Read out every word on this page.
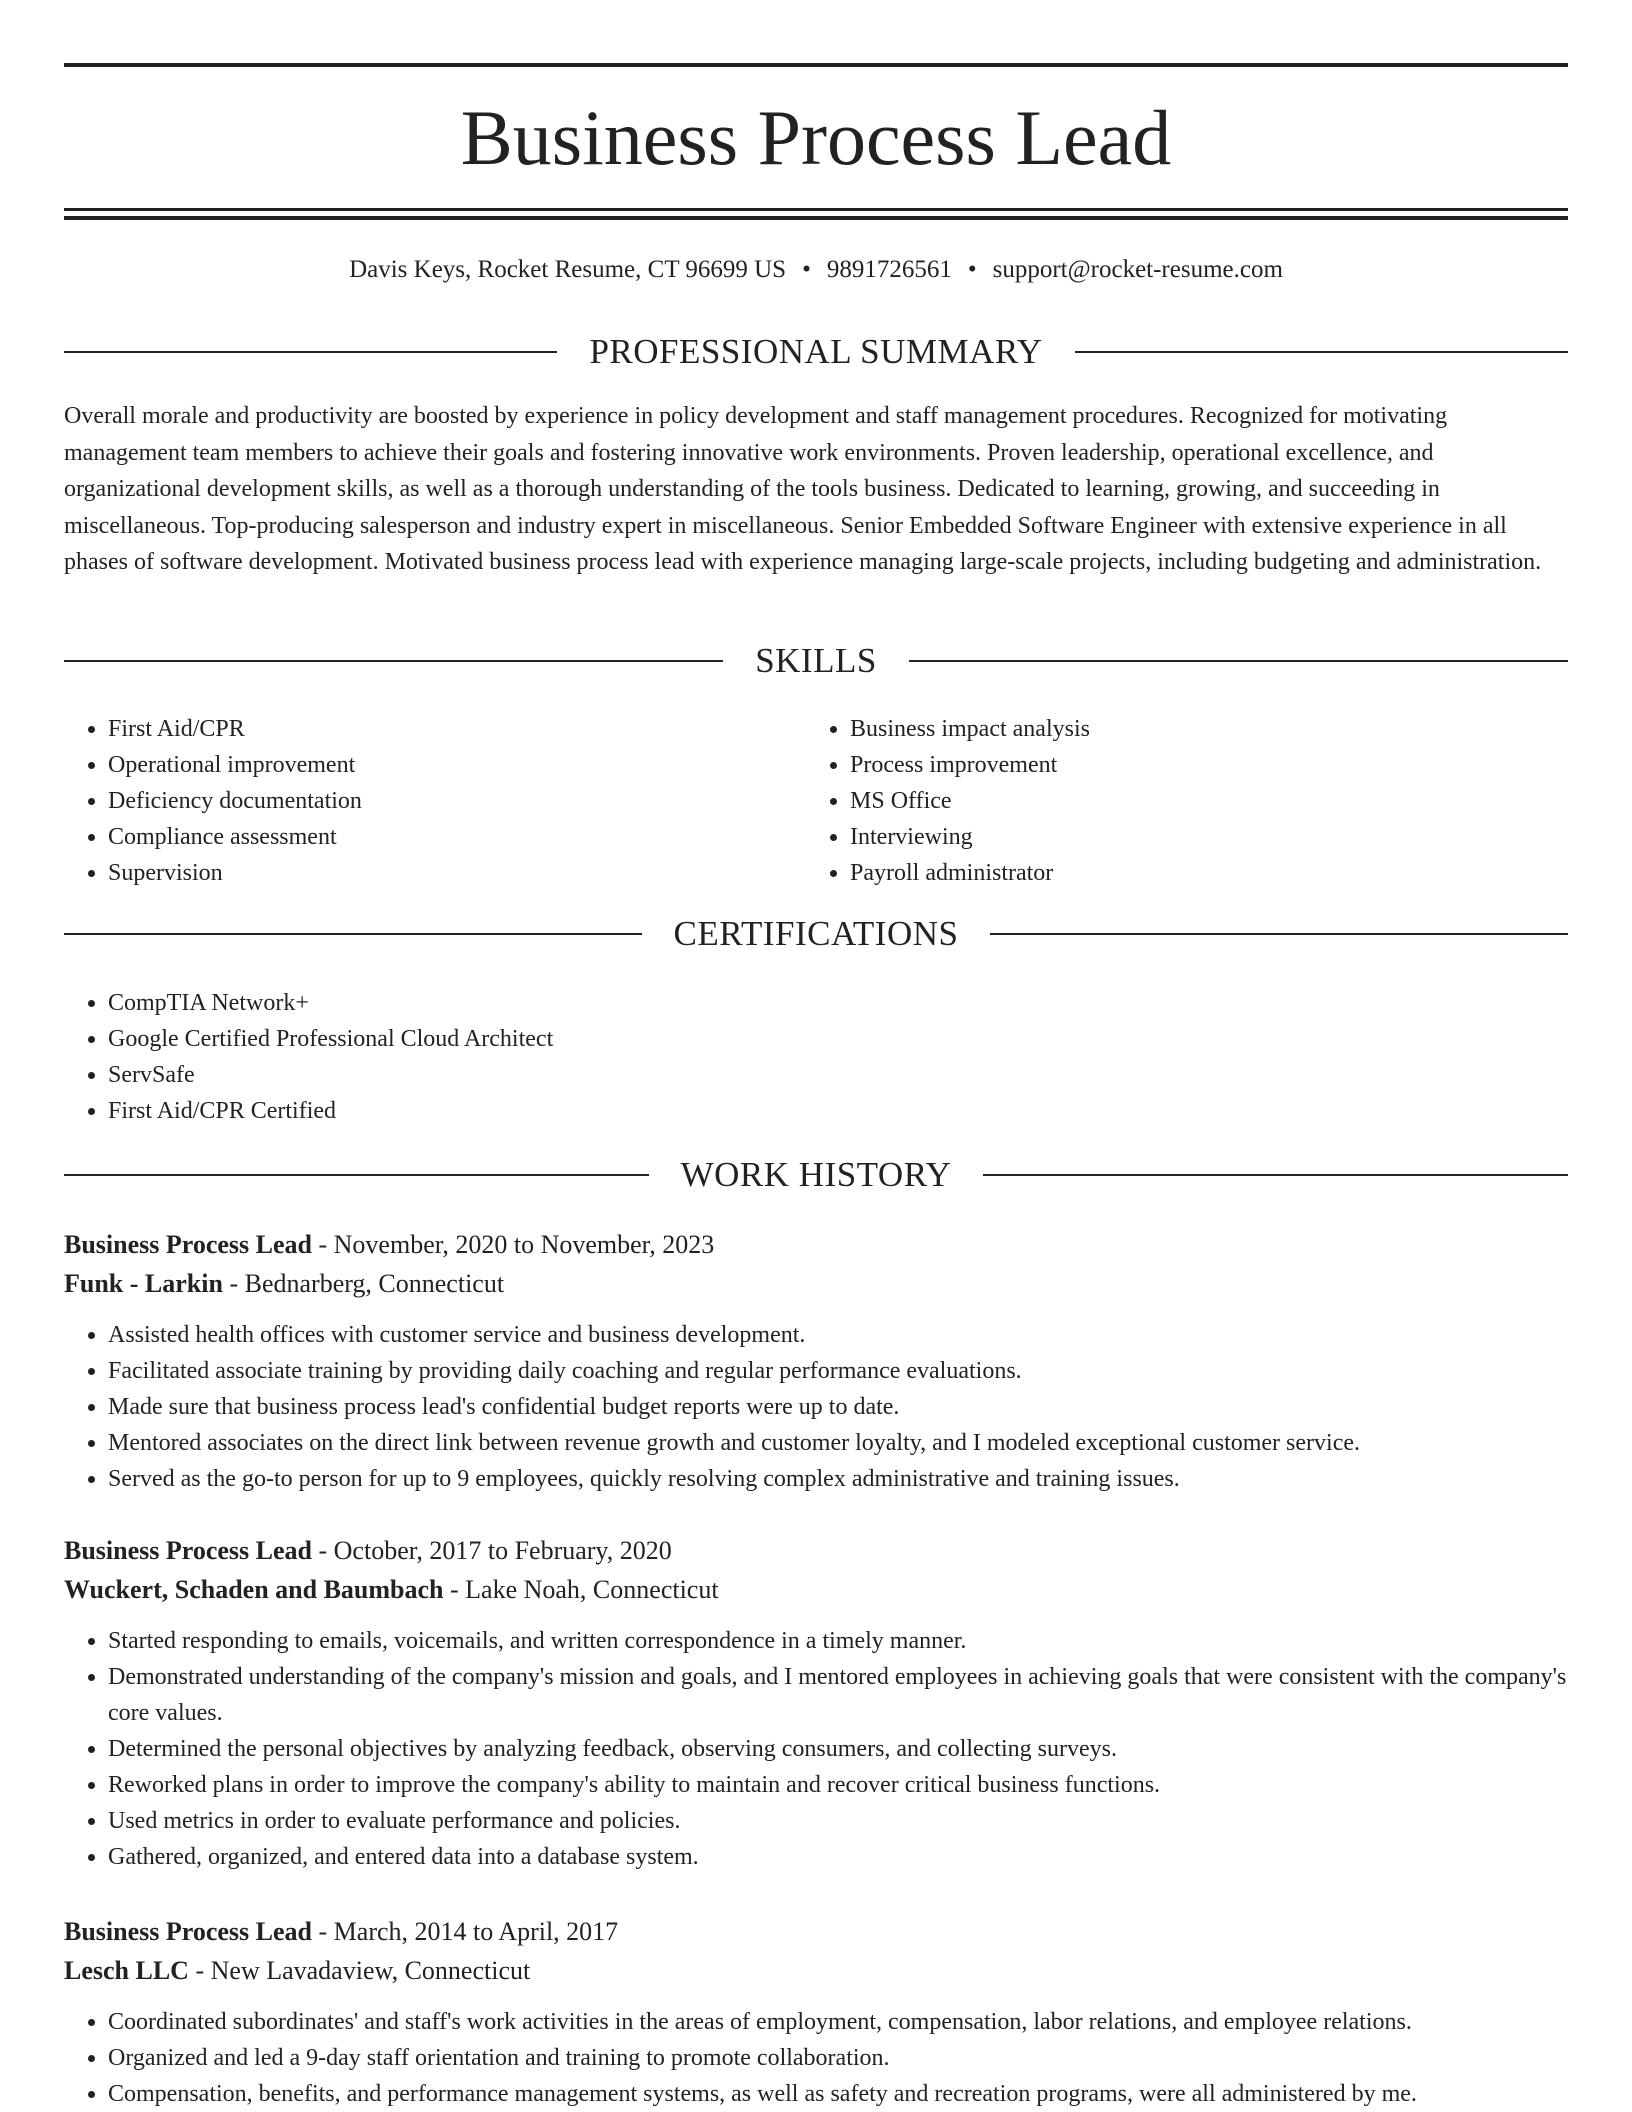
Business Process Lead
Davis Keys, Rocket Resume, CT 96699 US • 9891726561 • support@rocket-resume.com
PROFESSIONAL SUMMARY

Overall morale and productivity are boosted by experience in policy development and staff management procedures. Recognized for motivating management team members to achieve their goals and fostering innovative work environments. Proven leadership, operational excellence, and organizational development skills, as well as a thorough understanding of the tools business. Dedicated to learning, growing, and succeeding in miscellaneous. Top-producing salesperson and industry expert in miscellaneous. Senior Embedded Software Engineer with extensive experience in all phases of software development. Motivated business process lead with experience managing large-scale projects, including budgeting and administration.

SKILLS
• First Aid/CPR
• Operational improvement
• Deficiency documentation
• Compliance assessment
• Supervision
• Business impact analysis
• Process improvement
• MS Office
• Interviewing
• Payroll administrator
CERTIFICATIONS
• CompTIA Network+
• Google Certified Professional Cloud Architect
• ServSafe
• First Aid/CPR Certified
WORK HISTORY
Business Process Lead - November, 2020 to November, 2023
Funk - Larkin - Bednarberg, Connecticut
• Assisted health offices with customer service and business development.
• Facilitated associate training by providing daily coaching and regular performance evaluations.
• Made sure that business process lead's confidential budget reports were up to date.
• Mentored associates on the direct link between revenue growth and customer loyalty, and I modeled exceptional customer service.
• Served as the go-to person for up to 9 employees, quickly resolving complex administrative and training issues.
Business Process Lead - October, 2017 to February, 2020
Wuckert, Schaden and Baumbach - Lake Noah, Connecticut
• Started responding to emails, voicemails, and written correspondence in a timely manner.
• Demonstrated understanding of the company's mission and goals, and I mentored employees in achieving goals that were consistent with the company's core values.
• Determined the personal objectives by analyzing feedback, observing consumers, and collecting surveys.
• Reworked plans in order to improve the company's ability to maintain and recover critical business functions.
• Used metrics in order to evaluate performance and policies.
• Gathered, organized, and entered data into a database system.
Business Process Lead - March, 2014 to April, 2017
Lesch LLC - New Lavadaview, Connecticut
• Coordinated subordinates' and staff's work activities in the areas of employment, compensation, labor relations, and employee relations.
• Organized and led a 9-day staff orientation and training to promote collaboration.
• Compensation, benefits, and performance management systems, as well as safety and recreation programs, were all administered by me.
